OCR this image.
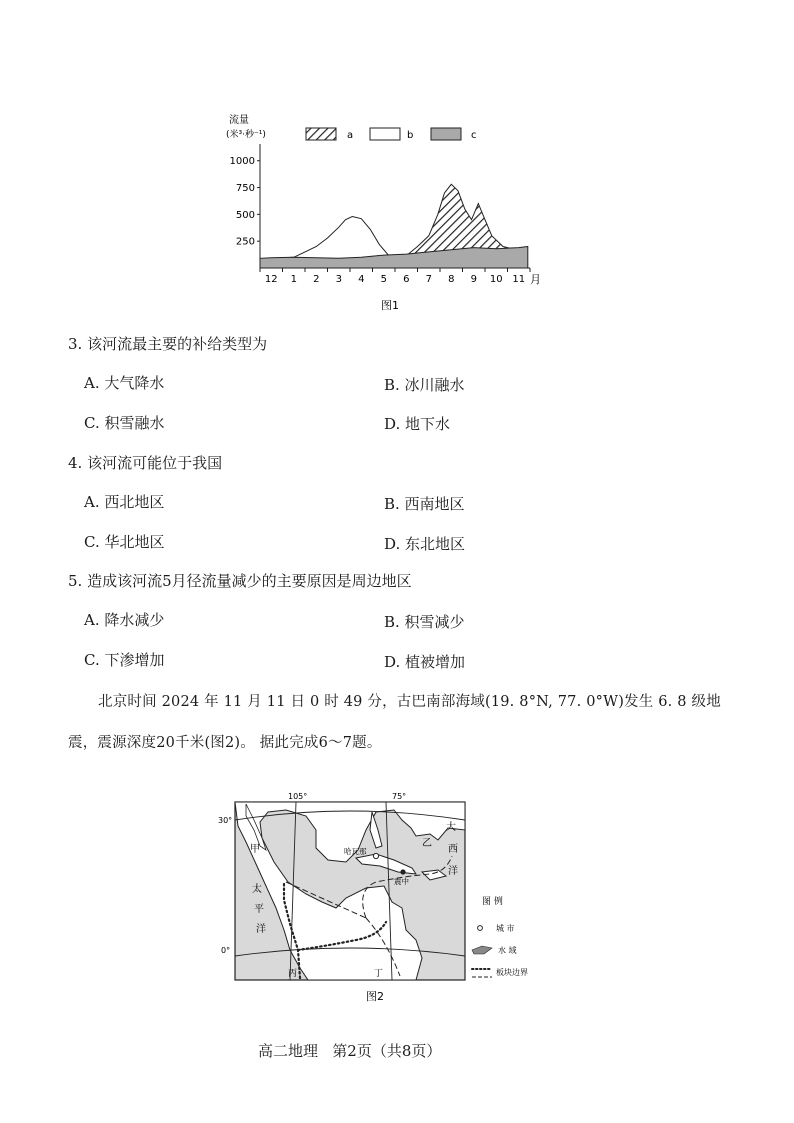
流量
(米³·秒⁻¹)	a	b	c
250
500
750
1000
12 1 2 3 4 5 6 7 8 9 10 11 月
图1
3. 该河流最主要的补给类型为
A. 大气降水	B. 冰川融水
C. 积雪融水	D. 地下水
4. 该河流可能位于我国
A. 西北地区	B. 西南地区
C. 华北地区	D. 东北地区
5. 造成该河流5月径流量减少的主要原因是周边地区
A. 降水减少	B. 积雪减少
C. 下渗增加	D. 植被增加
北京时间 2024 年 11 月 11 日 0 时 49 分，古巴南部海域(19. 8°N, 77. 0°W)发生 6. 8 级地
震，震源深度20千米(图2)。 据此完成6～7题。
105°	75°
30°
0°
甲
太
平
洋
大
西
洋
乙
哈瓦那
震中
丙	丁
图 例
城 市
水 域
板块边界
图2
高二地理   第2页（共8页）
